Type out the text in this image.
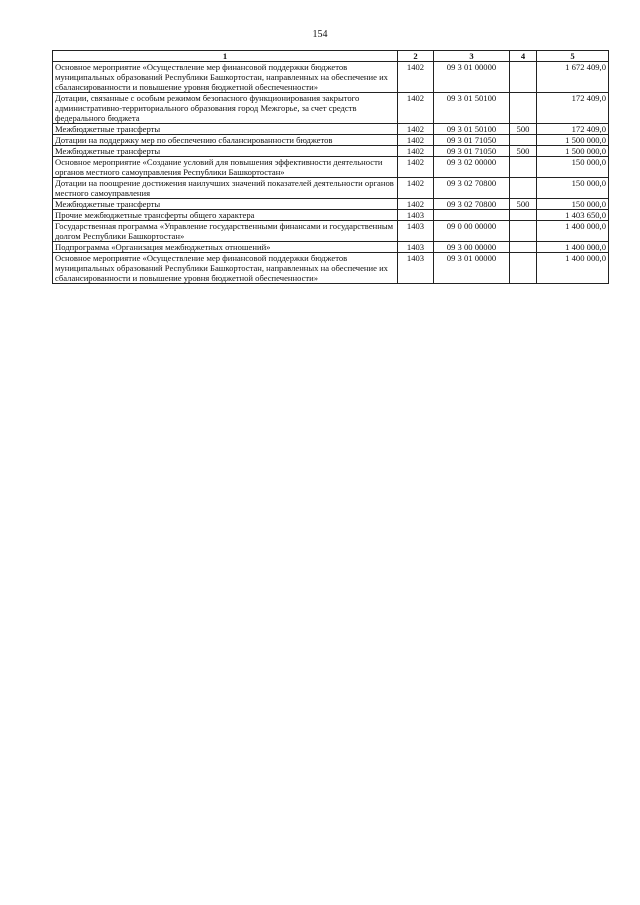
154
1	2	3	4	5
Основное мероприятие «Осуществление мер финансовой поддержки бюджетов муниципальных образований Республики Башкортостан, направленных на обеспечение их сбалансированности и повышение уровня бюджетной обеспеченности»	1402	09 3 01 00000		1 672 409,0
Дотации, связанные с особым режимом безопасного функционирования закрытого административно-территориального образования город Межгорье, за счет средств федерального бюджета	1402	09 3 01 50100		172 409,0
Межбюджетные трансферты	1402	09 3 01 50100	500	172 409,0
Дотации на поддержку мер по обеспечению сбалансированности бюджетов	1402	09 3 01 71050		1 500 000,0
Межбюджетные трансферты	1402	09 3 01 71050	500	1 500 000,0
Основное мероприятие «Создание условий для повышения эффективности деятельности органов местного самоуправления Республики Башкортостан»	1402	09 3 02 00000		150 000,0
Дотации на поощрение достижения наилучших значений показателей деятельности органов местного самоуправления	1402	09 3 02 70800		150 000,0
Межбюджетные трансферты	1402	09 3 02 70800	500	150 000,0
Прочие межбюджетные трансферты общего характера	1403			1 403 650,0
Государственная программа «Управление государственными финансами и государственным долгом Республики Башкортостан»	1403	09 0 00 00000		1 400 000,0
Подпрограмма «Организация межбюджетных отношений»	1403	09 3 00 00000		1 400 000,0
Основное мероприятие «Осуществление мер финансовой поддержки бюджетов муниципальных образований Республики Башкортостан, направленных на обеспечение их сбалансированности и повышение уровня бюджетной обеспеченности»	1403	09 3 01 00000		1 400 000,0
